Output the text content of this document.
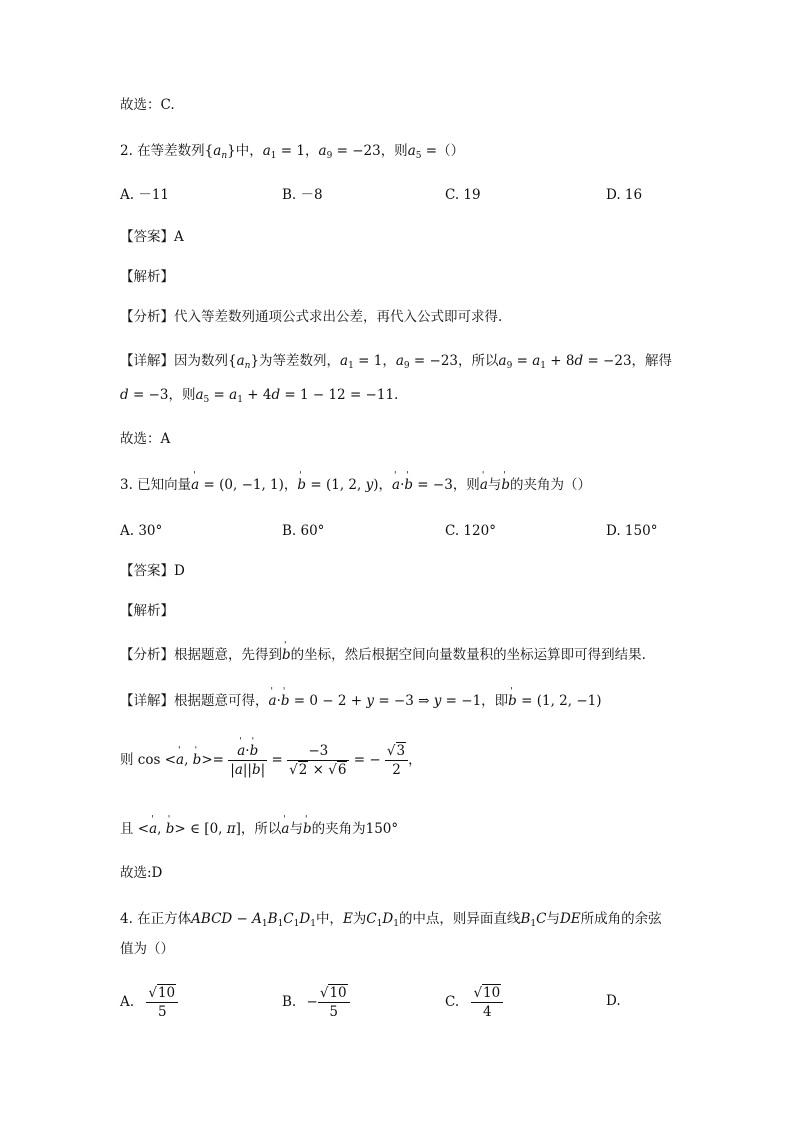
故选：C.
2. 在等差数列$\{a_n\}$中，$a_1 = 1$，$a_9 = -23$，则$a_5$ =（）
A. －11	B. －8	C. 19	D. 16
【答案】A
【解析】
【分析】代入等差数列通项公式求出公差，再代入公式即可求得.
【详解】因为数列$\{a_n\}$为等差数列，$a_1 = 1$，$a_9 = -23$，所以$a_9 = a_1 + 8d = -23$，解得
d = −3，则$a_5 = a_1 + 4d = 1 - 12 = -11$.
故选：A
3. 已知向量' a = (0, −1, 1)，' b = (1, 2, y)，' a·' b = −3，则' a与' b的夹角为（）
A. 30°	B. 60°	C. 120°	D. 150°
【答案】D
【解析】
【分析】根据题意，先得到' b的坐标，然后根据空间向量数量积的坐标运算即可得到结果.
【详解】根据题意可得，' a·' b = 0 − 2 + y = −3 ⇒ y = −1，即' b = (1, 2, −1)
则 cos <' a, ' b>=
' $\frac{a\cdot' b}{|a||b|} = \frac{-3}{√2 \times √6}$ = − $\frac{√3}{2}$ ，
且 <' a, ' b> ∈ [0, π]，所以' a与' b的夹角为150°
故选:D
4. 在正方体ABCD − $A_1B_1C_1D_1$中，E为$C_1D_1$的中点，则异面直线$B_1C$与DE所成角的余弦
值为（）
A. $\frac{√10}{5}$	B. − $\frac{√10}{5}$	C. $\frac{√10}{4}$	D.
